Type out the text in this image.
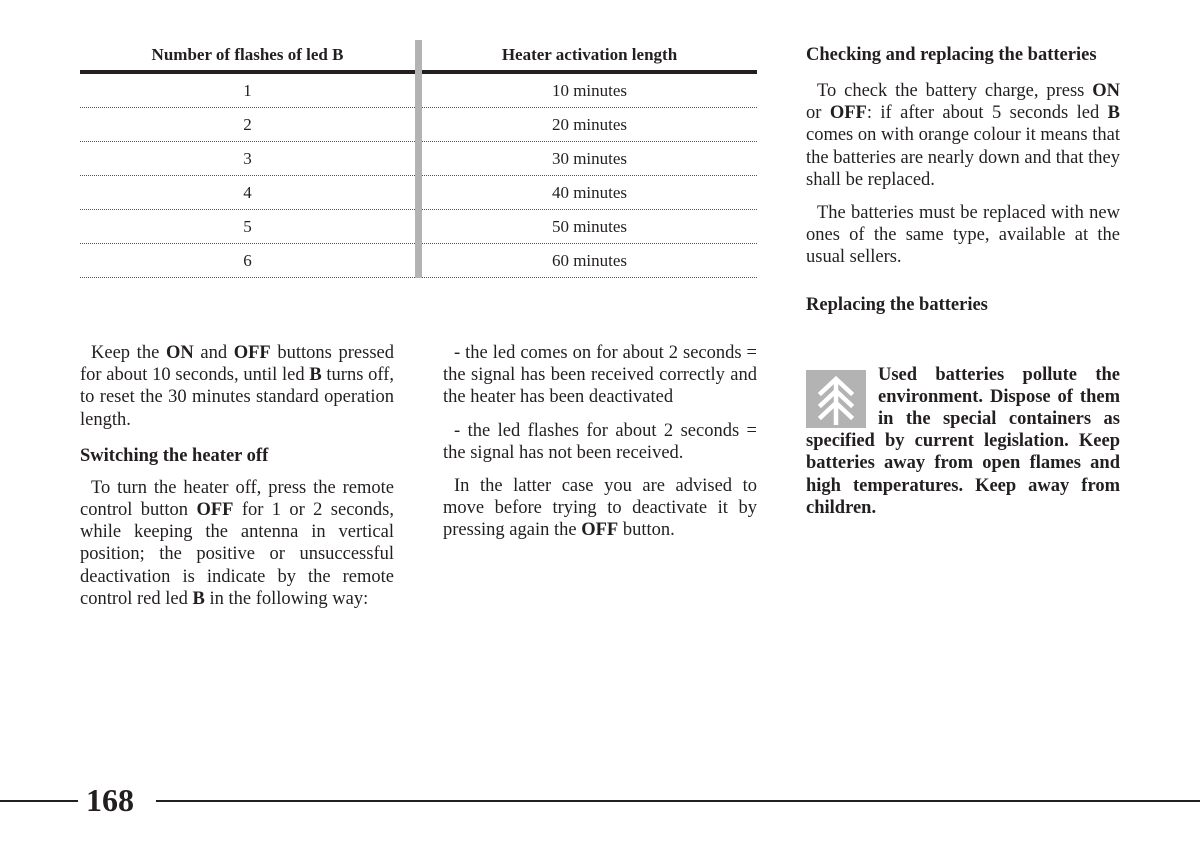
Number of flashes of led B	Heater activation length
1	10 minutes
2	20 minutes
3	30 minutes
4	40 minutes
5	50 minutes
6	60 minutes

Keep the ON and OFF buttons pressed for about 10 seconds, until led B turns off, to reset the 30 minutes standard operation length.

Switching the heater off

To turn the heater off, press the remote control button OFF for 1 or 2 seconds, while keeping the antenna in vertical position; the positive or unsuccessful deactivation is indicate by the remote control red led B in the following way:

- the led comes on for about 2 seconds = the signal has been received correctly and the heater has been deactivated

- the led flashes for about 2 seconds = the signal has not been received.

In the latter case you are advised to move before trying to deactivate it by pressing again the OFF button.

Checking and replacing the batteries

To check the battery charge, press ON or OFF: if after about 5 seconds led B comes on with orange colour it means that the batteries are nearly down and that they shall be replaced.

The batteries must be replaced with new ones of the same type, available at the usual sellers.

Replacing the batteries

Used batteries pollute the environment. Dispose of them in the special containers as specified by current legislation. Keep batteries away from open flames and high temperatures. Keep away from children.

168
